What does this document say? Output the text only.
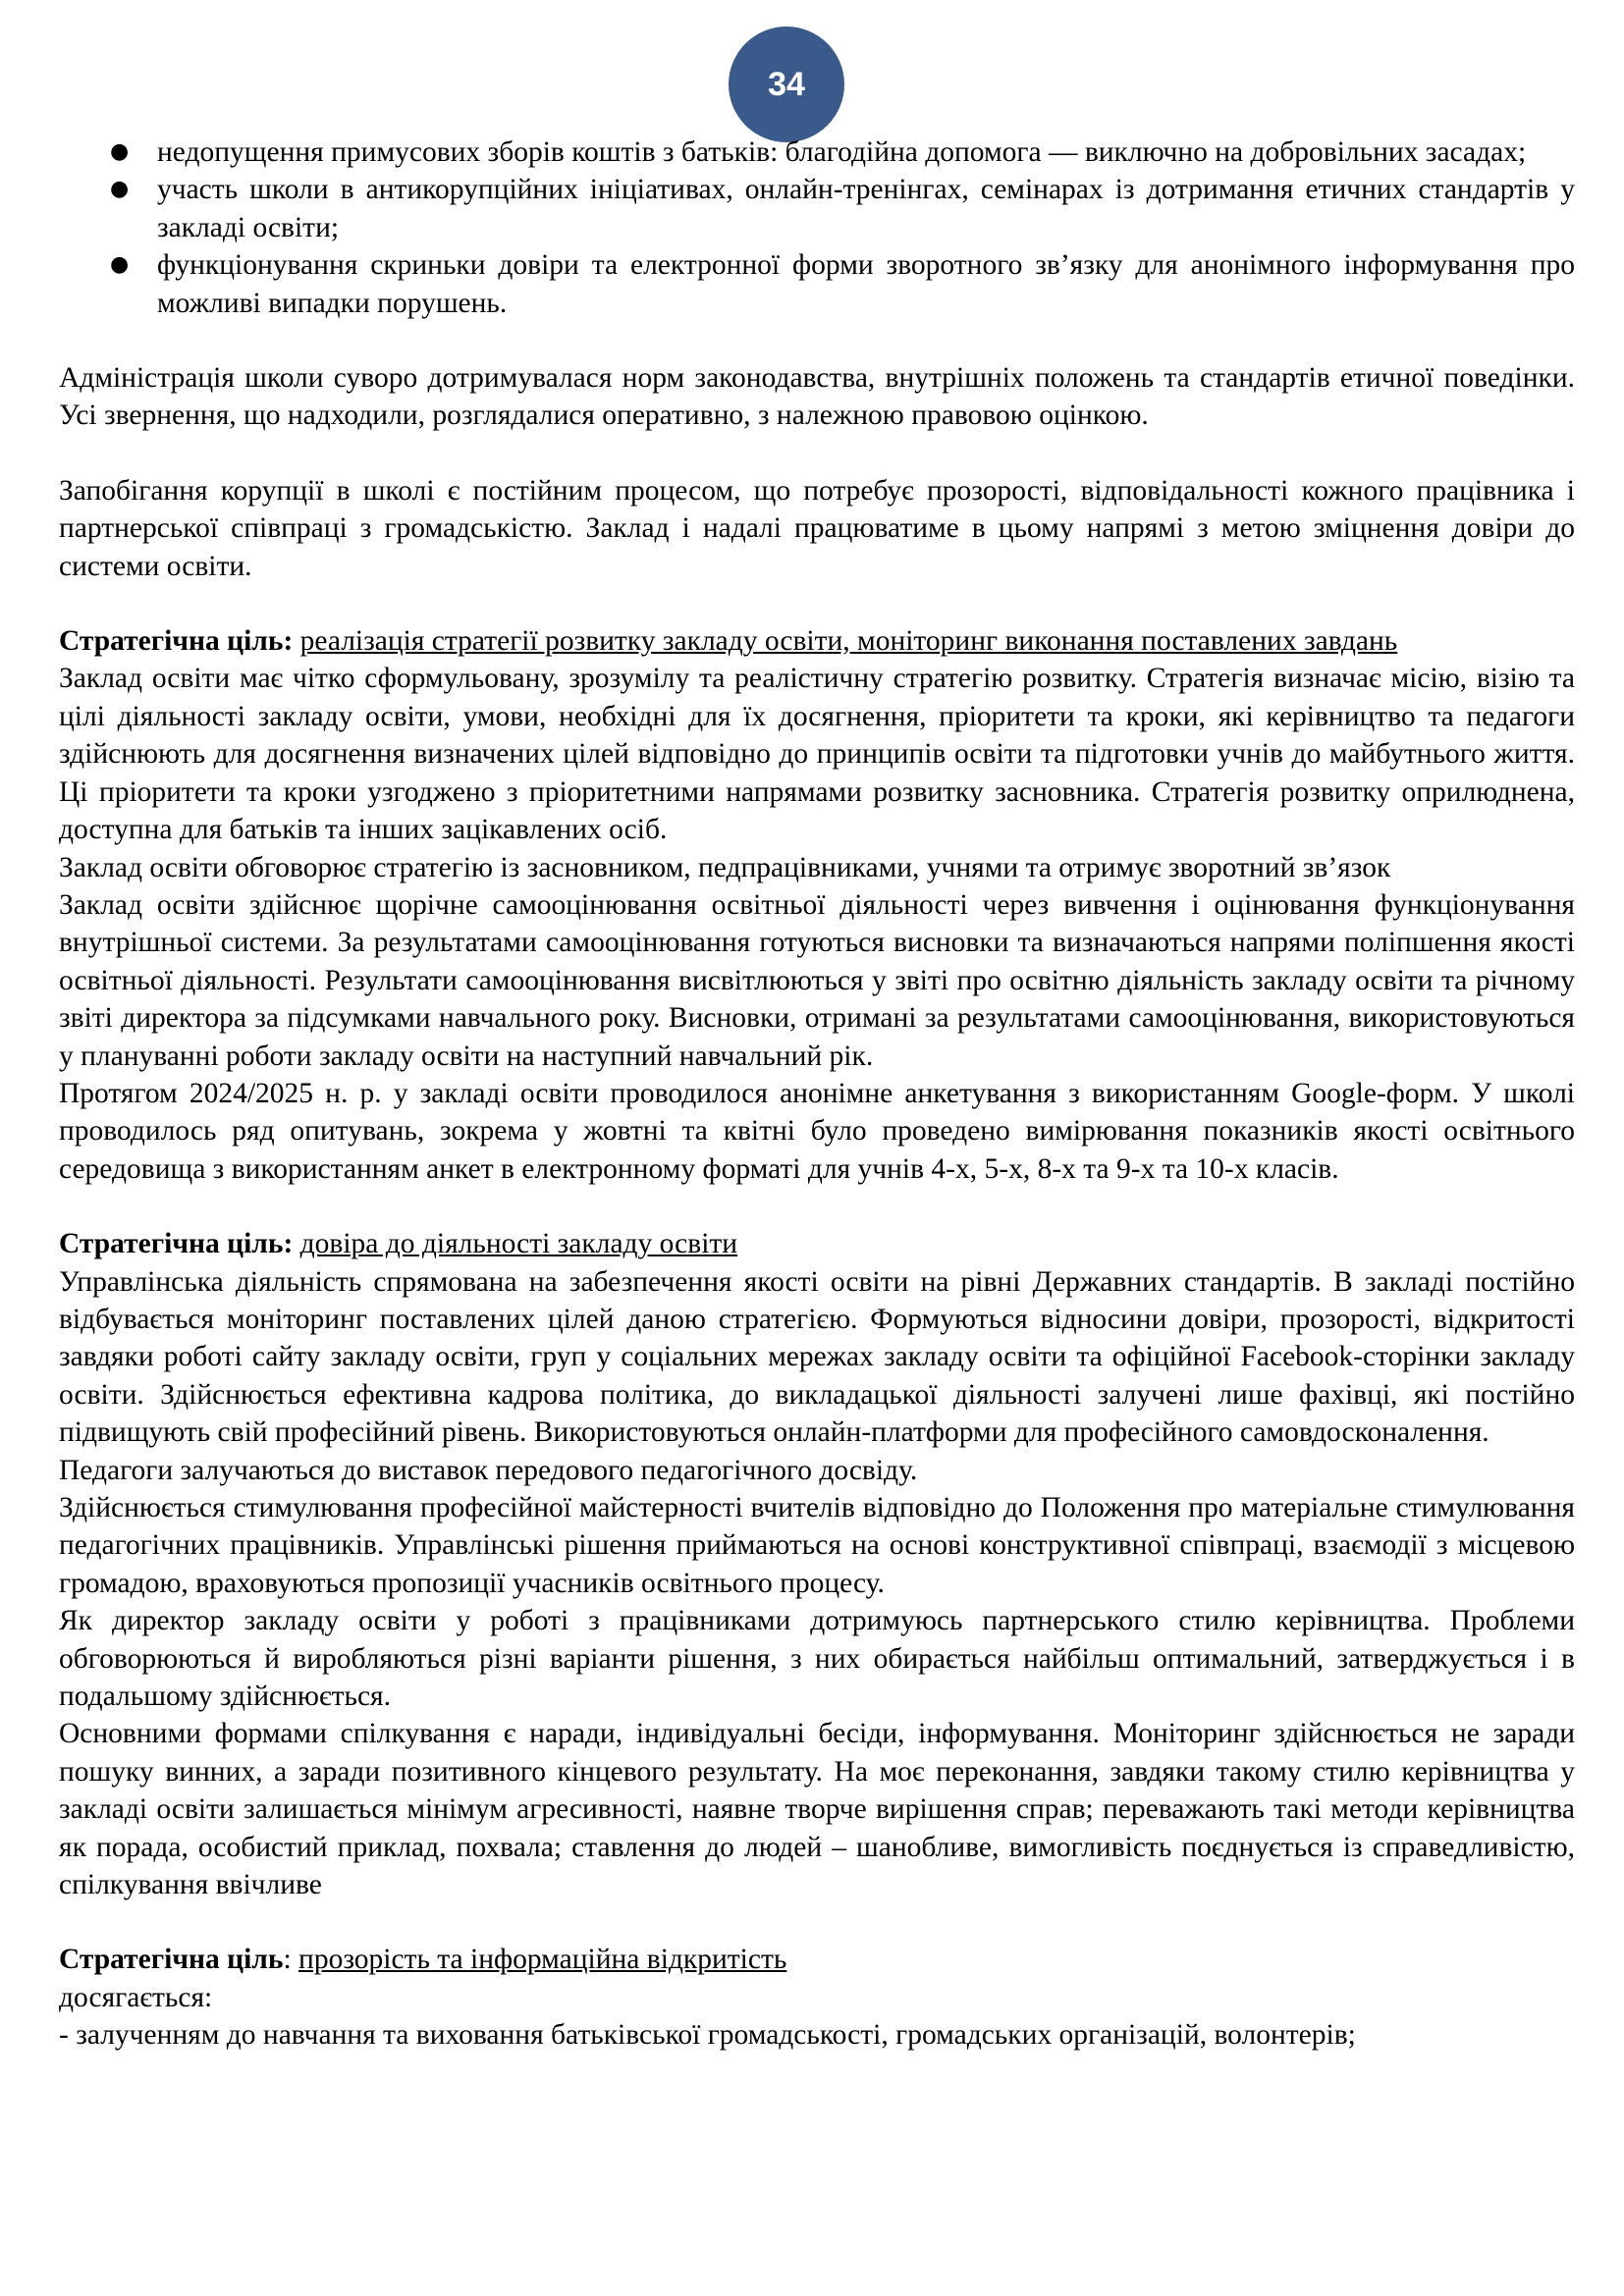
34
● недопущення примусових зборів коштів з батьків: благодійна допомога — виключно на добровільних засадах;
● участь школи в антикорупційних ініціативах, онлайн-тренінгах, семінарах із дотримання етичних стандартів у закладі освіти;
● функціонування скриньки довіри та електронної форми зворотного зв’язку для анонімного інформування про можливі випадки порушень.

Адміністрація школи суворо дотримувалася норм законодавства, внутрішніх положень та стандартів етичної поведінки. Усі звернення, що надходили, розглядалися оперативно, з належною правовою оцінкою.

Запобігання корупції в школі є постійним процесом, що потребує прозорості, відповідальності кожного працівника і партнерської співпраці з громадськістю. Заклад і надалі працюватиме в цьому напрямі з метою зміцнення довіри до системи освіти.

Стратегічна ціль: реалізація стратегії розвитку закладу освіти, моніторинг виконання поставлених завдань

Заклад освіти має чітко сформульовану, зрозумілу та реалістичну стратегію розвитку. Стратегія визначає місію, візію та цілі діяльності закладу освіти, умови, необхідні для їх досягнення, пріоритети та кроки, які керівництво та педагоги здійснюють для досягнення визначених цілей відповідно до принципів освіти та підготовки учнів до майбутнього життя. Ці пріоритети та кроки узгоджено з пріоритетними напрямами розвитку засновника. Стратегія розвитку оприлюднена, доступна для батьків та інших зацікавлених осіб.

Заклад освіти обговорює стратегію із засновником, педпрацівниками, учнями та отримує зворотний зв’язок

Заклад освіти здійснює щорічне самооцінювання освітньої діяльності через вивчення і оцінювання функціонування внутрішньої системи. За результатами самооцінювання готуються висновки та визначаються напрями поліпшення якості освітньої діяльності. Результати самооцінювання висвітлюються у звіті про освітню діяльність закладу освіти та річному звіті директора за підсумками навчального року. Висновки, отримані за результатами самооцінювання, використовуються у плануванні роботи закладу освіти на наступний навчальний рік.

Протягом 2024/2025 н. р. у закладі освіти проводилося анонімне анкетування з використанням Google-форм. У школі проводилось ряд опитувань, зокрема у жовтні та квітні було проведено вимірювання показників якості освітнього середовища з використанням анкет в електронному форматі для учнів 4-х, 5-х, 8-х та 9-х та 10-х класів.

Стратегічна ціль: довіра до діяльності закладу освіти

Управлінська діяльність спрямована на забезпечення якості освіти на рівні Державних стандартів. В закладі постійно відбувається моніторинг поставлених цілей даною стратегією. Формуються відносини довіри, прозорості, відкритості завдяки роботі сайту закладу освіти, груп у соціальних мережах закладу освіти та офіційної Facebook-сторінки закладу освіти. Здійснюється ефективна кадрова політика, до викладацької діяльності залучені лише фахівці, які постійно підвищують свій професійний рівень. Використовуються онлайн-платформи для професійного самовдосконалення.

Педагоги залучаються до виставок передового педагогічного досвіду.

Здійснюється стимулювання професійної майстерності вчителів відповідно до Положення про матеріальне стимулювання педагогічних працівників. Управлінські рішення приймаються на основі конструктивної співпраці, взаємодії з місцевою громадою, враховуються пропозиції учасників освітнього процесу.

Як директор закладу освіти у роботі з працівниками дотримуюсь партнерського стилю керівництва. Проблеми обговорюються й виробляються різні варіанти рішення, з них обирається найбільш оптимальний, затверджується і в подальшому здійснюється.

Основними формами спілкування є наради, індивідуальні бесіди, інформування. Моніторинг здійснюється не заради пошуку винних, а заради позитивного кінцевого результату. На моє переконання, завдяки такому стилю керівництва у закладі освіти залишається мінімум агресивності, наявне творче вирішення справ; переважають такі методи керівництва як порада, особистий приклад, похвала; ставлення до людей – шанобливе, вимогливість поєднується із справедливістю, спілкування ввічливе

Стратегічна ціль: прозорість та інформаційна відкритість

досягається:

- залученням до навчання та виховання батьківської громадськості, громадських організацій, волонтерів;
